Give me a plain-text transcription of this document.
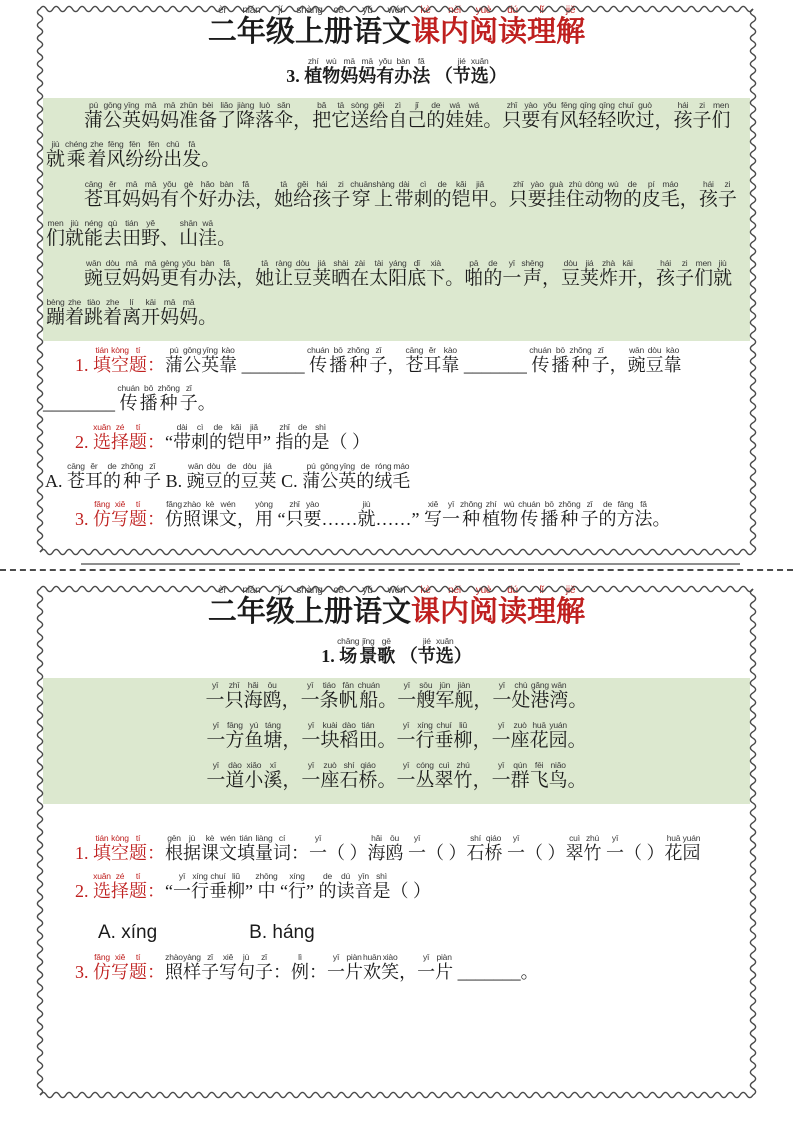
二èr年nián级jí上shàng册cè语yǔ文wén课kè内nèi阅yuè读dú理lǐ解jiě
3. 植zhí物wù妈mā妈mā有yǒu办bàn法fǎ （节jié选xuǎn）

蒲pú公gōng英yīng妈mā妈mā准zhǔn备bèi了liǎo降jiàng落luò伞sǎn，把bǎ它tā送sòng给gěi自zì己jǐ的de娃wá娃wá。只zhǐ要yào有yǒu风fēng轻qīng轻qīng吹chuī过guò，孩hái子zi们men就jiù乘chéng着zhe风fēng纷fēn纷fēn出chū发fā。

苍cāng耳ěr妈mā妈mā有yǒu个gè好hǎo办bàn法fǎ，她tā给gěi孩hái子zi穿chuān上shàng带dài刺cì的de铠kǎi甲jiǎ。只zhǐ要yào挂guà住zhù动dòng物wù的de皮pí毛máo，孩hái子zi们men就jiù能néng去qù田tián野yě、山shān洼wā。

豌wān豆dòu妈mā妈mā更gèng有yǒu办bàn法fǎ，她tā让ràng豆dòu荚jiá晒shài在zài太tài阳yáng底dǐ下xià。啪pā的de一yī声shēng，豆dòu荚jiá炸zhà开kāi，孩hái子zi们men就jiù蹦bèng着zhe跳tiào着zhe离lí开kāi妈mā妈mā。

1. 填tián空kòng题tí：蒲pú公gōng英yīng靠kào _______ 传chuán播bō种zhǒng子zǐ，苍cāng耳ěr靠kào _______ 传chuán播bō种zhǒng子zǐ，豌wān豆dòu靠kào ________ 传chuán播bō种zhǒng子zǐ。

2. 选xuǎn择zé题tí：“带dài刺cì的de铠kǎi甲jiǎ” 指zhǐ的de是shì（ ）

A. 苍cāng耳ěr的de种zhǒng子zǐ B. 豌wān豆dòu的de豆dòu荚jiá C. 蒲pú公gōng英yīng的de绒róng毛máo

3. 仿fǎng写xiě题tí：仿fǎng照zhào课kè文wén，用yòng “只zhǐ要yào……就jiù……” 写xiě一yī种zhǒng植zhí物wù传chuán播bō种zhǒng子zǐ的de方fāng法fǎ。

二èr年nián级jí上shàng册cè语yǔ文wén课kè内nèi阅yuè读dú理lǐ解jiě
1. 场chǎng景jǐng歌gē （节jié选xuǎn）

一yī只zhī海hǎi鸥ōu，一yī条tiáo帆fān船chuán。一yī艘sōu军jūn舰jiàn，一yī处chù港gǎng湾wān。

一yī方fāng鱼yú塘táng，一yī块kuài稻dào田tián。一yī行xíng垂chuí柳liǔ，一yī座zuò花huā园yuán。

一yī道dào小xiǎo溪xī，一yī座zuò石shí桥qiáo。一yī丛cóng翠cuì竹zhú，一yī群qún飞fēi鸟niǎo。

1. 填tián空kòng题tí：根gēn据jù课kè文wén填tián量liàng词cí：一yī（ ）海hǎi鸥ōu 一yī（ ）石shí桥qiáo 一yī（ ）翠cuì竹zhú 一yī（ ）花huā园yuán

2. 选xuǎn择zé题tí：“一yī行xíng垂chuí柳liǔ” 中zhōng “行xíng” 的de读dú音yīn是shì（ ）

A. xíng	B. háng

3. 仿fǎng写xiě题tí：照zhào样yàng子zǐ写xiě句jù子zǐ：例lì：一yī片piàn欢huān笑xiào，一yī片piàn _______。
